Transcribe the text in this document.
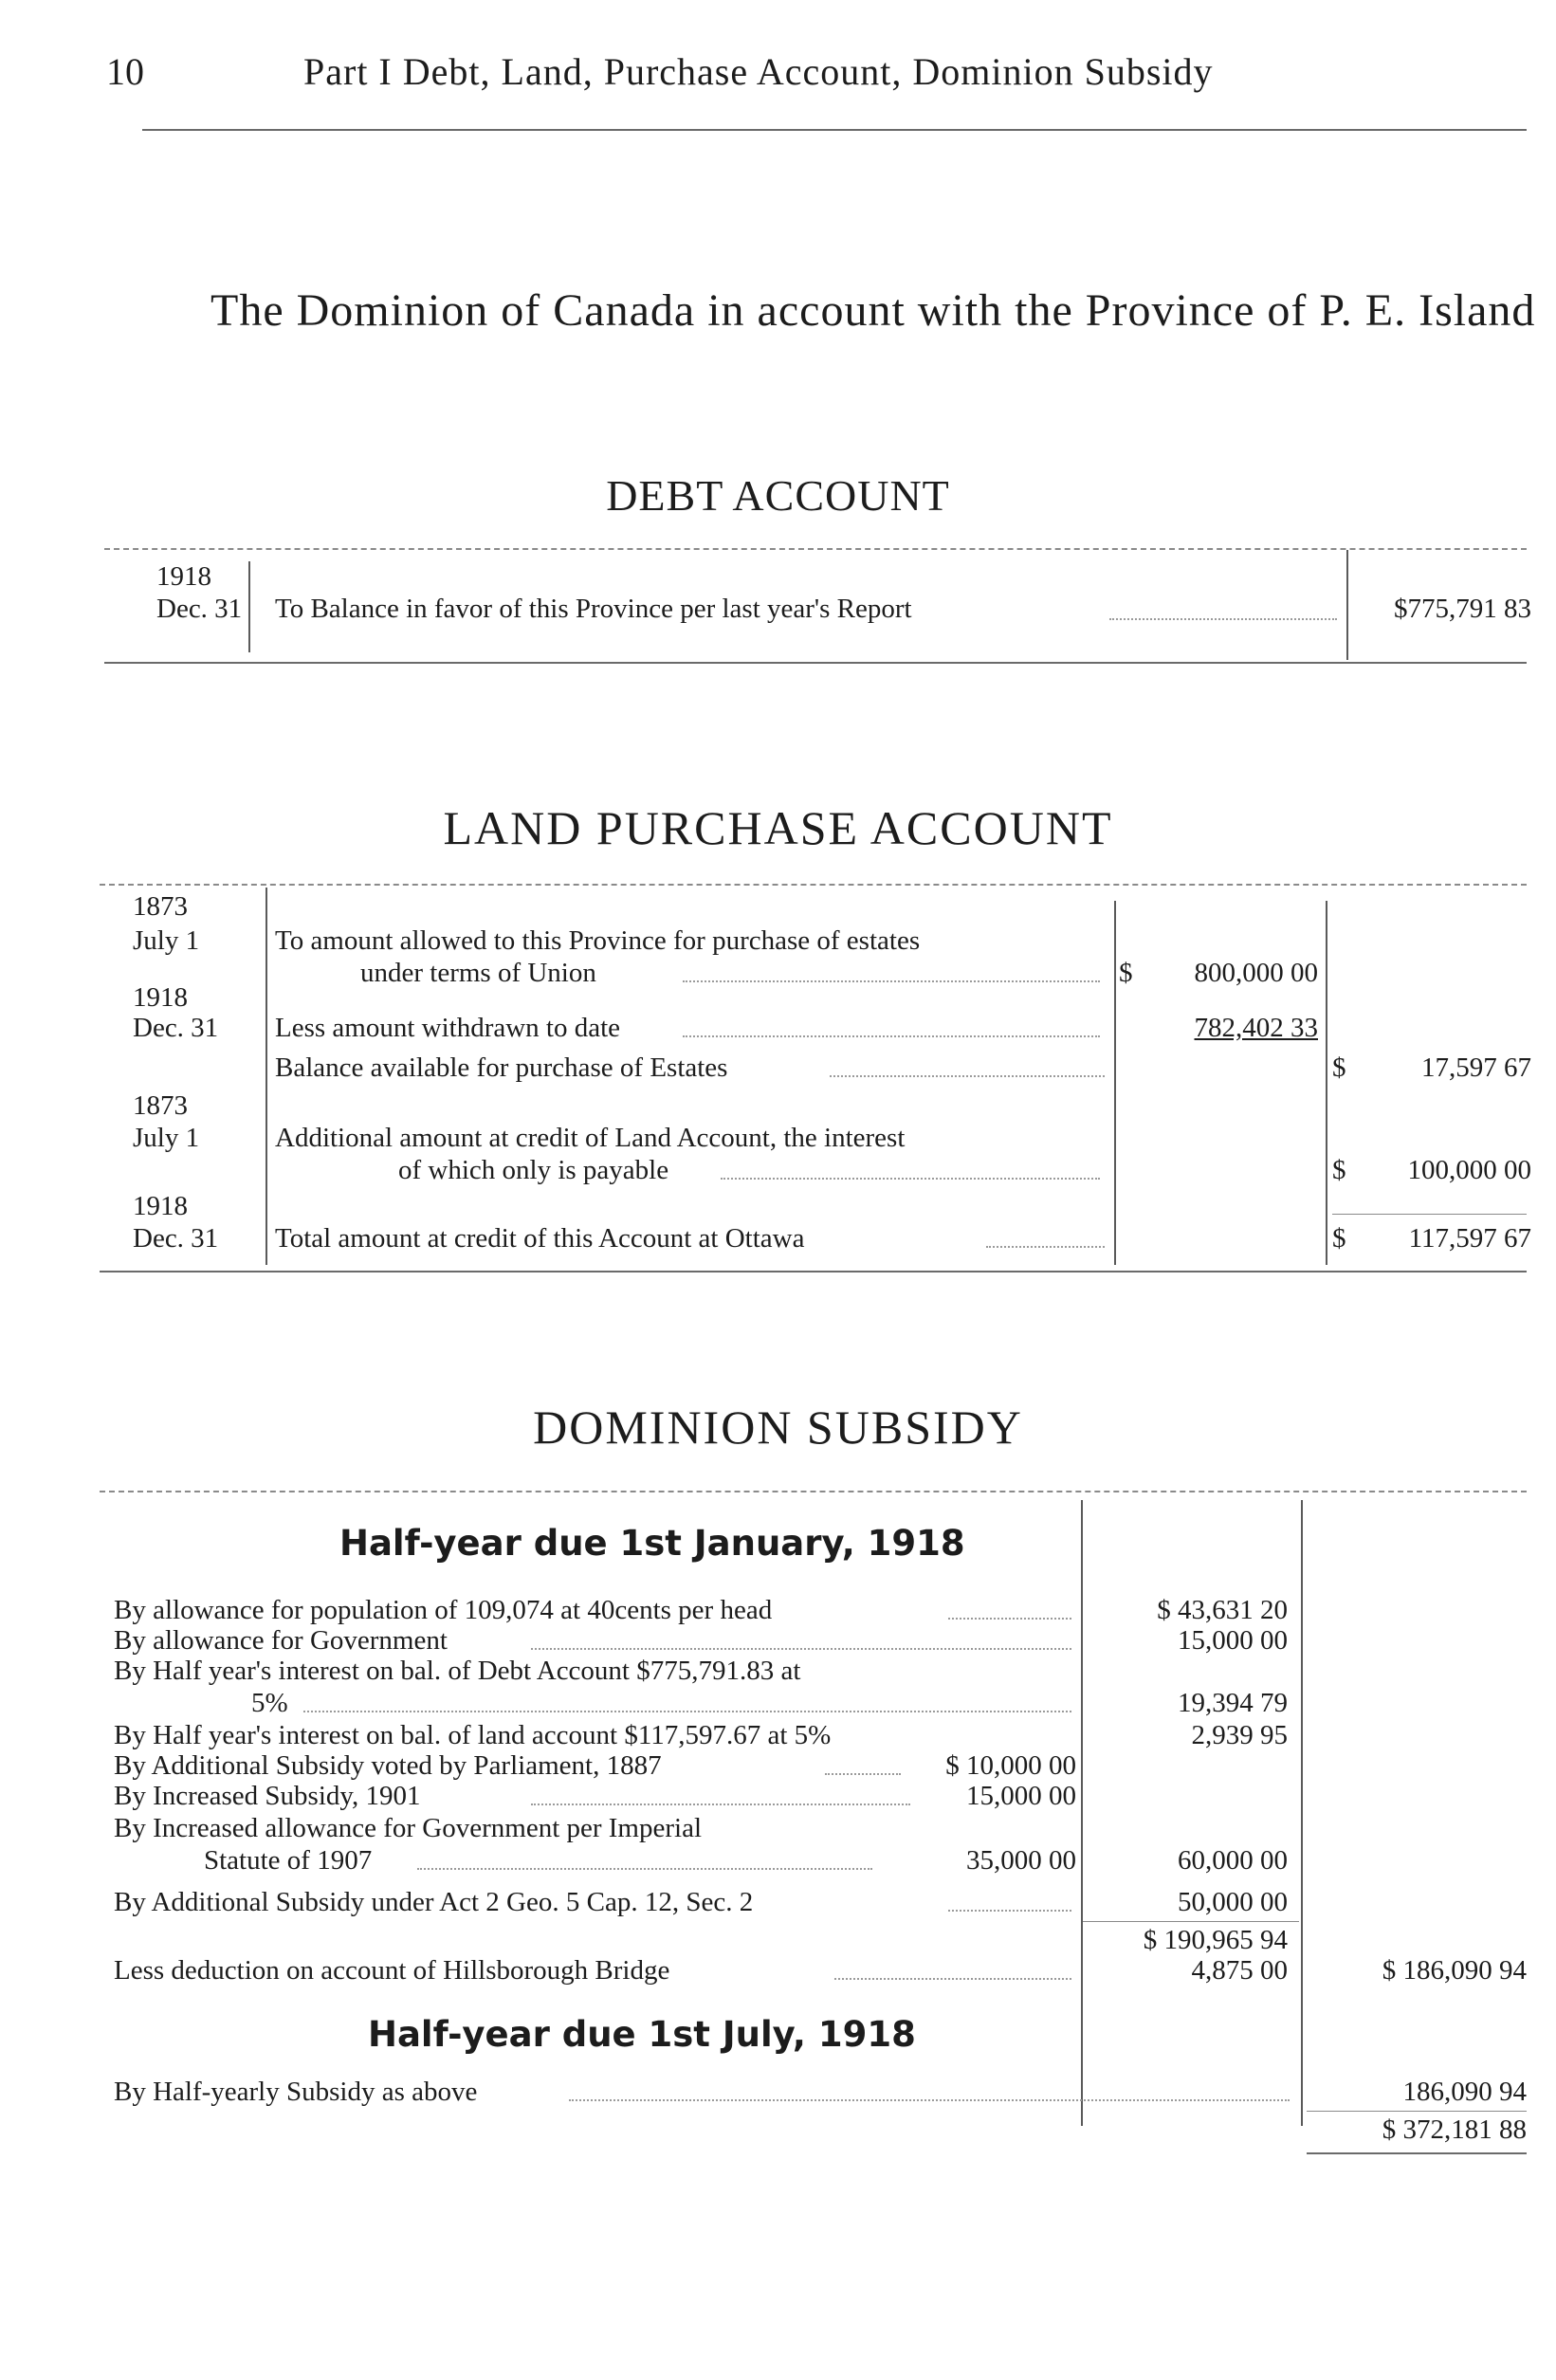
10	Part I Debt, Land, Purchase Account, Dominion Subsidy
The Dominion of Canada in account with the Province of P. E. Island
DEBT ACCOUNT
1918
Dec. 31 To Balance in favor of this Province per last year's Report	$775,791 83
LAND PURCHASE ACCOUNT
1873
July 1	To amount allowed to this Province for purchase of estates
under terms of Union	$	800,000 00
1918
Dec. 31 Less amount withdrawn to date	782,402 33
Balance available for purchase of Estates	$	17,597 67
1873
July 1	Additional amount at credit of Land Account, the interest
of which only is payable	$	100,000 00
1918
Dec. 31 Total amount at credit of this Account at Ottawa	$	117,597 67
DOMINION SUBSIDY
Half-year due 1st January, 1918
By allowance for population of 109,074 at 40cents per head	$ 43,631 20
By allowance for Government	15,000 00
By Half year's interest on bal. of Debt Account $775,791.83 at
5%	19,394 79
By Half year's interest on bal. of land account $117,597.67 at 5%	2,939 95
By Additional Subsidy voted by Parliament, 1887	$ 10,000 00
By Increased Subsidy, 1901	15,000 00
By Increased allowance for Government per Imperial
Statute of 1907	35,000 00	60,000 00
By Additional Subsidy under Act 2 Geo. 5 Cap. 12, Sec. 2	50,000 00
$ 190,965 94
Less deduction on account of Hillsborough Bridge	4,875 00	$ 186,090 94
Half-year due 1st July, 1918
By Half-yearly Subsidy as above	186,090 94
$ 372,181 88
